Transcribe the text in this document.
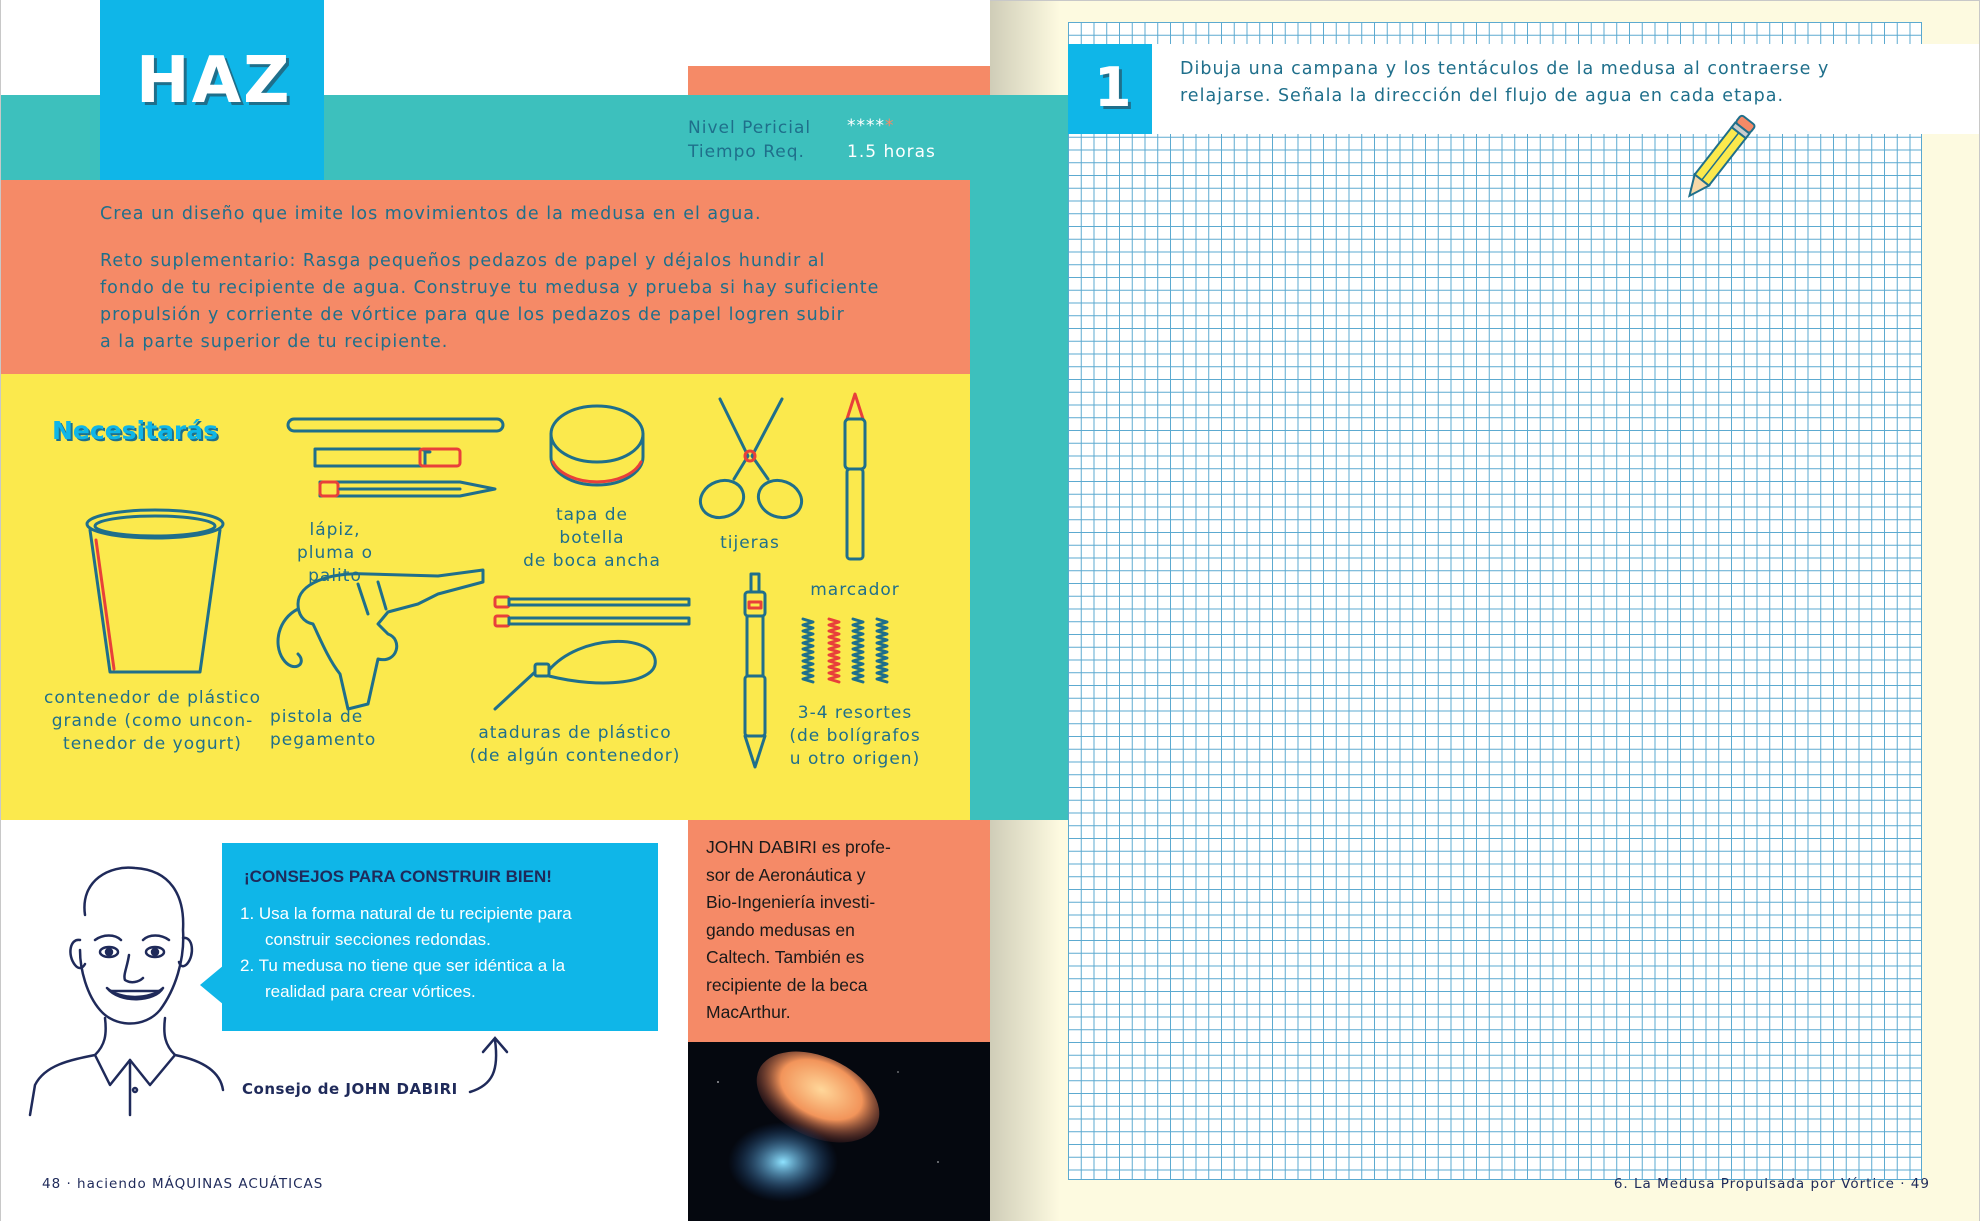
HAZ
Nivel Pericial *****
Tiempo Req. 1.5 horas
Crea un diseño que imite los movimientos de la medusa en el agua.
Reto suplementario: Rasga pequeños pedazos de papel y déjalos hundir al
fondo de tu recipiente de agua. Construye tu medusa y prueba si hay suficiente
propulsión y corriente de vórtice para que los pedazos de papel logren subir
a la parte superior de tu recipiente.
Necesitarás
lápiz, pluma o palito
tapa de botella
de boca ancha
tijeras
marcador
contenedor de plástico
grande (como uncon-
tenedor de yogurt)
pistola de
pegamento	ataduras de plástico
(de algún contenedor)
3-4 resortes
(de bolígrafos
u otro origen)
¡CONSEJOS PARA CONSTRUIR BIEN!
1. Usa la forma natural de tu recipiente para
construir secciones redondas.
2. Tu medusa no tiene que ser idéntica a la
realidad para crear vórtices.
Consejo de JOHN DABIRI
JOHN DABIRI es profe-
sor de Aeronáutica y
Bio-Ingeniería investi-
gando medusas en
Caltech. También es
recipiente de la beca
MacArthur.
48 · haciendo MÁQUINAS ACUÁTICAS
1	Dibuja una campana y los tentáculos de la medusa al contraerse y
relajarse. Señala la dirección del flujo de agua en cada etapa.
6. La Medusa Propulsada por Vórtice · 49
